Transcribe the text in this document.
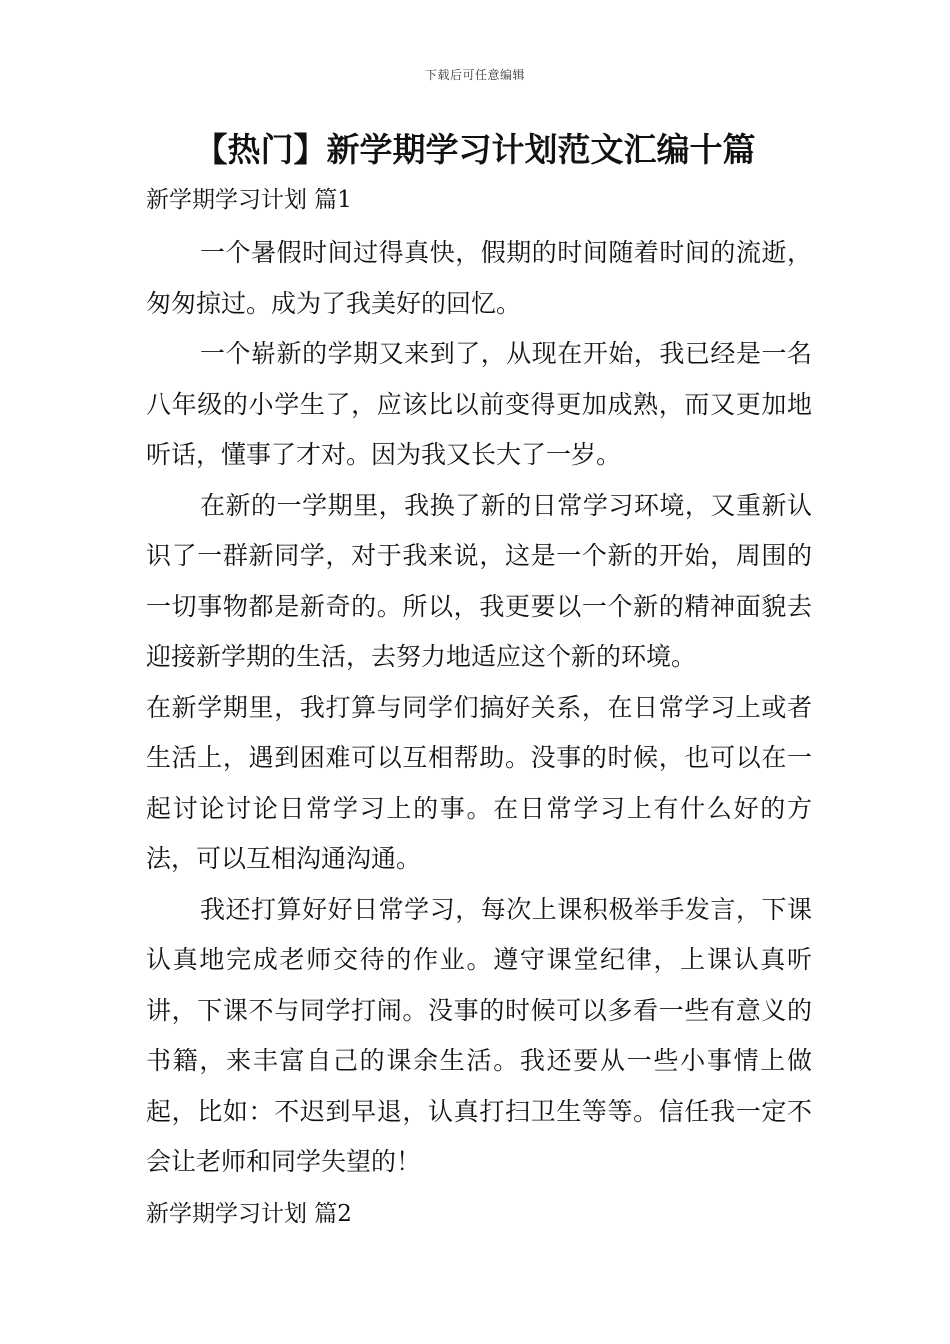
下载后可任意编辑
【热门】新学期学习计划范文汇编十篇
新学期学习计划 篇1

一个暑假时间过得真快，假期的时间随着时间的流逝，匆匆掠过。成为了我美好的回忆。

一个崭新的学期又来到了，从现在开始，我已经是一名八年级的小学生了，应该比以前变得更加成熟，而又更加地听话，懂事了才对。因为我又长大了一岁。

在新的一学期里，我换了新的日常学习环境，又重新认识了一群新同学，对于我来说，这是一个新的开始，周围的一切事物都是新奇的。所以，我更要以一个新的精神面貌去迎接新学期的生活，去努力地适应这个新的环境。

在新学期里，我打算与同学们搞好关系，在日常学习上或者生活上，遇到困难可以互相帮助。没事的时候，也可以在一起讨论讨论日常学习上的事。在日常学习上有什么好的方法，可以互相沟通沟通。

我还打算好好日常学习，每次上课积极举手发言，下课认真地完成老师交待的作业。遵守课堂纪律，上课认真听讲，下课不与同学打闹。没事的时候可以多看一些有意义的书籍，来丰富自己的课余生活。我还要从一些小事情上做起，比如：不迟到早退，认真打扫卫生等等。信任我一定不会让老师和同学失望的！

新学期学习计划 篇2
